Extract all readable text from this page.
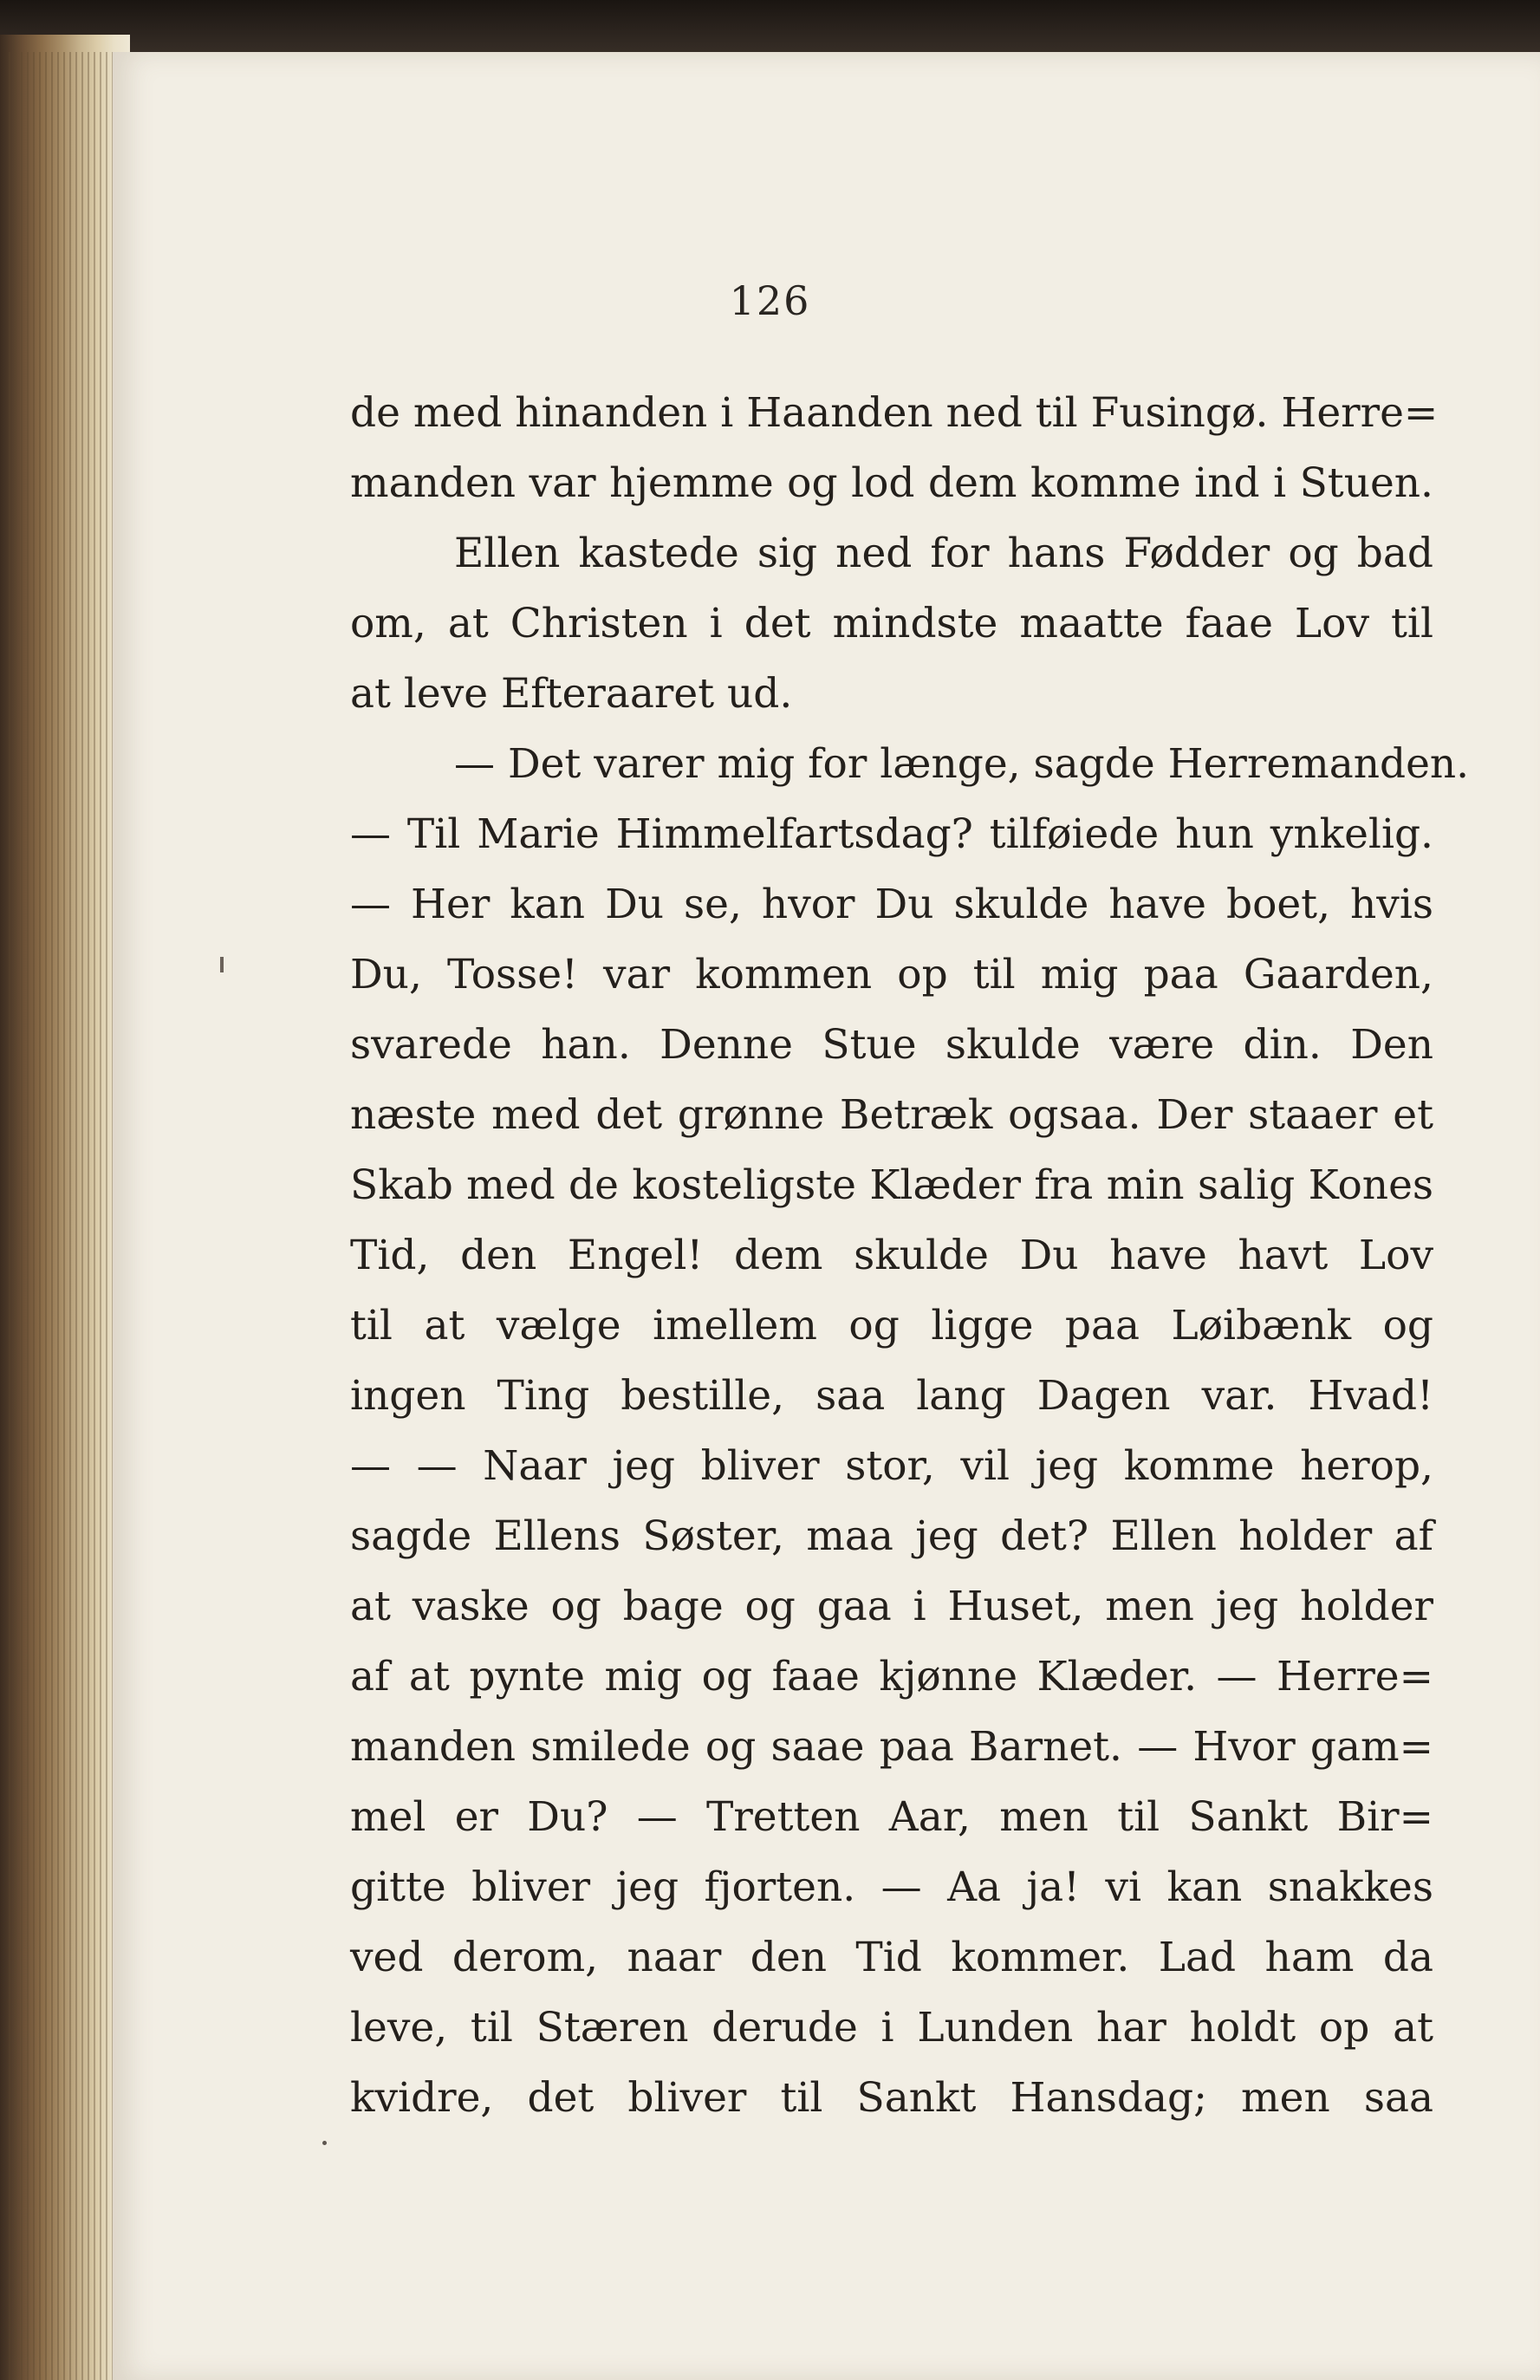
126
de med hinanden i Haanden ned til Fusingø. Herre=
manden var hjemme og lod dem komme ind i Stuen.
Ellen kastede sig ned for hans Fødder og bad
om, at Christen i det mindste maatte faae Lov til
at leve Efteraaret ud.
— Det varer mig for længe, sagde Herremanden.
— Til Marie Himmelfartsdag? tilføiede hun ynkelig.
— Her kan Du se, hvor Du skulde have boet, hvis
Du, Tosse! var kommen op til mig paa Gaarden,
svarede han. Denne Stue skulde være din. Den
næste med det grønne Betræk ogsaa. Der staaer et
Skab med de kosteligste Klæder fra min salig Kones
Tid, den Engel! dem skulde Du have havt Lov
til at vælge imellem og ligge paa Løibænk og
ingen Ting bestille, saa lang Dagen var. Hvad!
— — Naar jeg bliver stor, vil jeg komme herop,
sagde Ellens Søster, maa jeg det? Ellen holder af
at vaske og bage og gaa i Huset, men jeg holder
af at pynte mig og faae kjønne Klæder. — Herre=
manden smilede og saae paa Barnet. — Hvor gam=
mel er Du? — Tretten Aar, men til Sankt Bir=
gitte bliver jeg fjorten. — Aa ja! vi kan snakkes
ved derom, naar den Tid kommer. Lad ham da
leve, til Stæren derude i Lunden har holdt op at
kvidre, det bliver til Sankt Hansdag; men saa
